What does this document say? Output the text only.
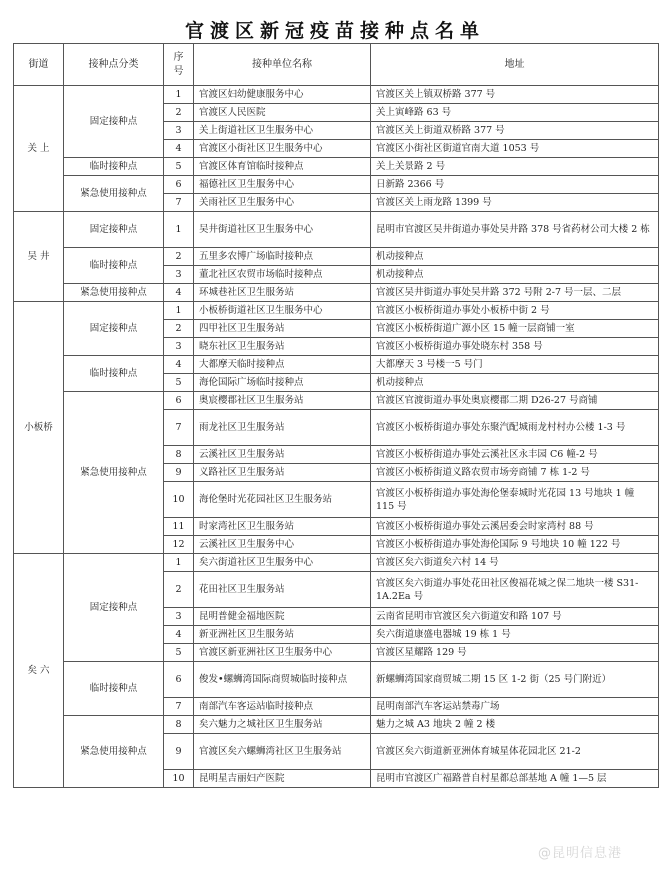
官渡区新冠疫苗接种点名单
街道	接种点分类	序号	接种单位名称	地址
关 上	固定接种点	1	官渡区妇幼健康服务中心	官渡区关上镇双桥路 377 号
		2	官渡区人民医院	关上寅峰路 63 号
		3	关上街道社区卫生服务中心	官渡区关上街道双桥路 377 号
		4	官渡区小街社区卫生服务中心	官渡区小街社区街道官南大道 1053 号
	临时接种点	5	官渡区体育馆临时接种点	关上关景路 2 号
	紧急使用接种点	6	福德社区卫生服务中心	日新路 2366 号
		7	关雨社区卫生服务中心	官渡区关上雨龙路 1399 号
吴 井	固定接种点	1	吴井街道社区卫生服务中心	昆明市官渡区吴井街道办事处吴井路 378 号省药材公司大楼 2 栋
	临时接种点	2	五里多农博广场临时接种点	机动接种点
		3	董北社区农贸市场临时接种点	机动接种点
	紧急使用接种点	4	环城巷社区卫生服务站	官渡区吴井街道办事处吴井路 372 号附 2-7 号一层、二层
小板桥	固定接种点	1	小板桥街道社区卫生服务中心	官渡区小板桥街道办事处小板桥中街 2 号
		2	四甲社区卫生服务站	官渡区小板桥街道广源小区 15 幢一层商铺一室
		3	晓东社区卫生服务站	官渡区小板桥街道办事处晓东村 358 号
	临时接种点	4	大都摩天临时接种点	大都摩天 3 号楼一5 号门
		5	海伦国际广场临时接种点	机动接种点
	紧急使用接种点	6	奥宸樱郡社区卫生服务站	官渡区官渡街道办事处奥宸樱郡二期 D26-27 号商铺
		7	雨龙社区卫生服务站	官渡区小板桥街道办事处东聚汽配城雨龙村村办公楼 1-3 号
		8	云溪社区卫生服务站	官渡区小板桥街道办事处云溪社区永丰园 C6 幢-2 号
		9	义路社区卫生服务站	官渡区小板桥街道义路农贸市场旁商铺 7 栋 1-2 号
		10	海伦堡时光花园社区卫生服务站	官渡区小板桥街道办事处海伦堡泰城时光花园 13 号地块 1 幢 115 号
		11	时家湾社区卫生服务站	官渡区小板桥街道办事处云溪居委会时家湾村 88 号
		12	云溪社区卫生服务中心	官渡区小板桥街道办事处海伦国际 9 号地块 10 幢 122 号
矣 六	固定接种点	1	矣六街道社区卫生服务中心	官渡区矣六街道矣六村 14 号
		2	花田社区卫生服务站	官渡区矣六街道办事处花田社区俊福花城之保二地块一楼 S31-1A.2Ea 号
		3	昆明普健金福地医院	云南省昆明市官渡区矣六街道安和路 107 号
		4	新亚洲社区卫生服务站	矣六街道康盛电器城 19 栋 1 号
		5	官渡区新亚洲社区卫生服务中心	官渡区星耀路 129 号
	临时接种点	6	俊发•螺蛳湾国际商贸城临时接种点	新螺蛳湾国家商贸城二期 15 区 1-2 街（25 号门附近）
		7	南部汽车客运站临时接种点	昆明南部汽车客运站禁毒广场
	紧急使用接种点	8	矣六魅力之城社区卫生服务站	魅力之城 A3 地块 2 幢 2 楼
		9	官渡区矣六螺蛳湾社区卫生服务站	官渡区矣六街道新亚洲体育城星体花园北区 21-2
		10	昆明星吉丽妇产医院	昆明市官渡区广福路普自村星都总部基地 A 幢 1—5 层
@昆明信息港
